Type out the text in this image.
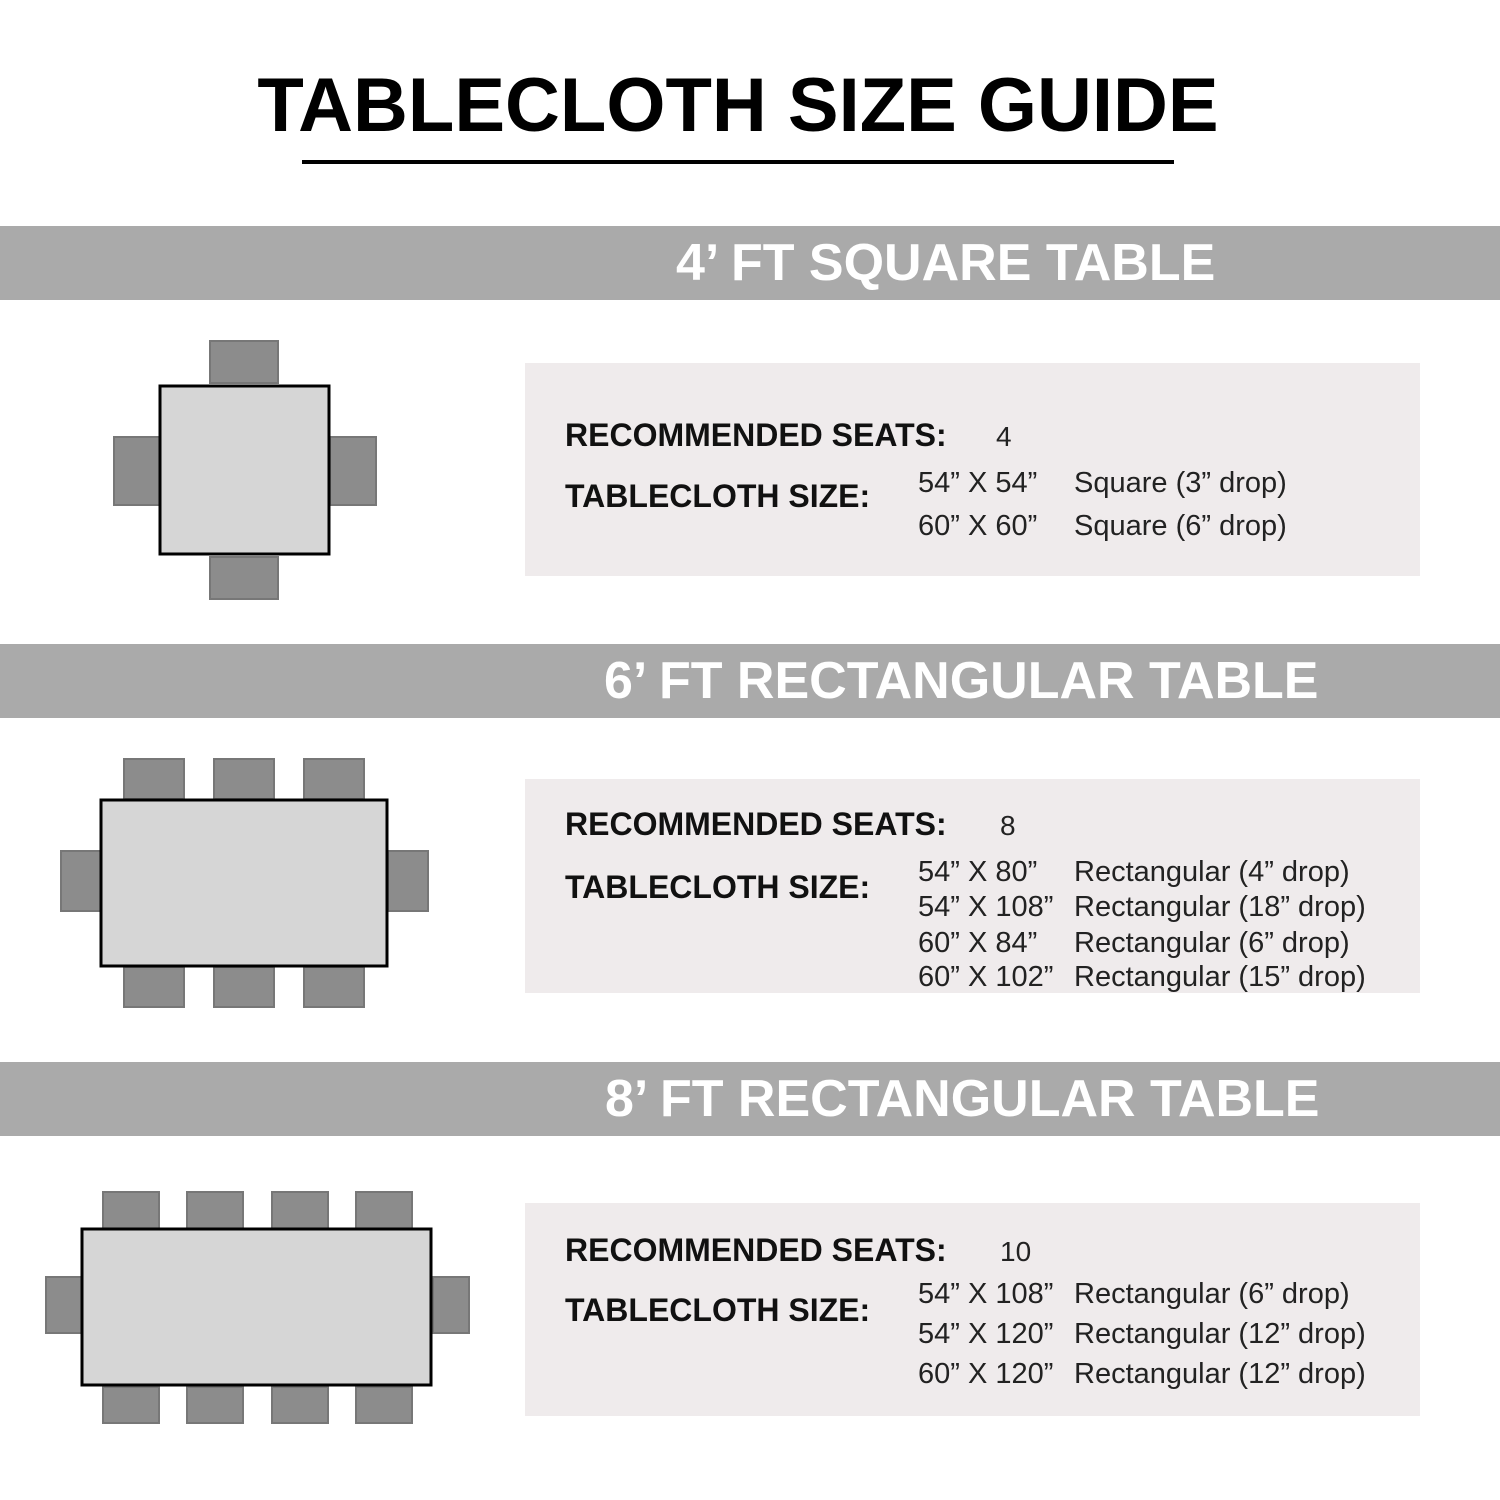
TABLECLOTH SIZE GUIDE
4’ FT SQUARE TABLE
RECOMMENDED SEATS: 4
TABLECLOTH SIZE: 54” X 54” Square (3” drop)
60” X 60” Square (6” drop)
6’ FT RECTANGULAR TABLE
RECOMMENDED SEATS: 8
TABLECLOTH SIZE: 54” X 80” Rectangular (4” drop)
54” X 108” Rectangular (18” drop)
60” X 84” Rectangular (6” drop)
60” X 102” Rectangular (15” drop)
8’ FT RECTANGULAR TABLE
RECOMMENDED SEATS: 10
TABLECLOTH SIZE: 54” X 108” Rectangular (6” drop)
54” X 120” Rectangular (12” drop)
60” X 120” Rectangular (12” drop)
